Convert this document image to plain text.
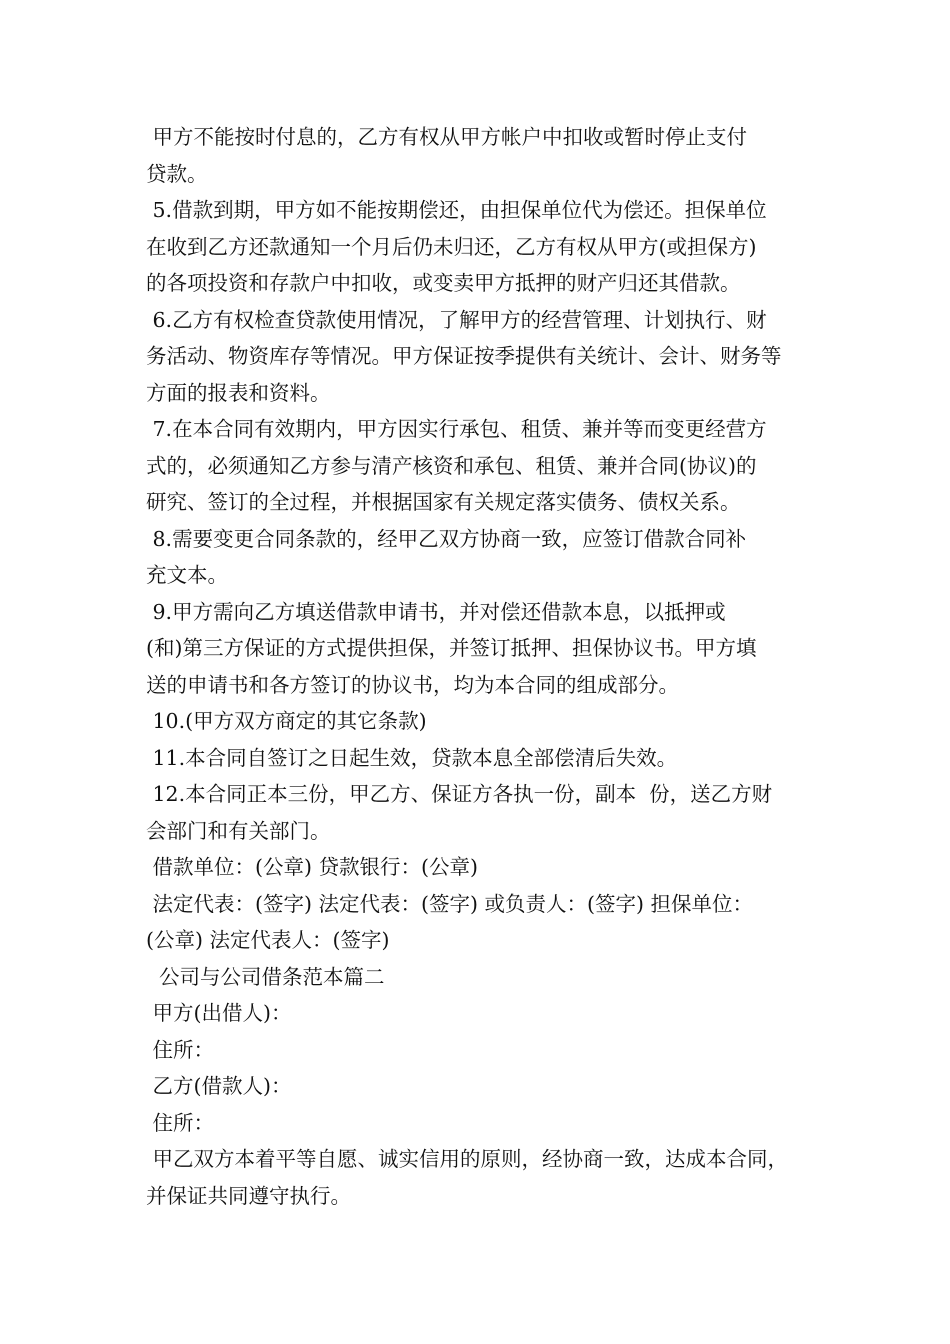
甲方不能按时付息的，乙方有权从甲方帐户中扣收或暂时停止支付
贷款。
5.借款到期，甲方如不能按期偿还，由担保单位代为偿还。担保单位
在收到乙方还款通知一个月后仍未归还，乙方有权从甲方(或担保方)
的各项投资和存款户中扣收，或变卖甲方抵押的财产归还其借款。
6.乙方有权检查贷款使用情况，了解甲方的经营管理、计划执行、财
务活动、物资库存等情况。甲方保证按季提供有关统计、会计、财务等
方面的报表和资料。
7.在本合同有效期内，甲方因实行承包、租赁、兼并等而变更经营方
式的，必须通知乙方参与清产核资和承包、租赁、兼并合同(协议)的
研究、签订的全过程，并根据国家有关规定落实债务、债权关系。
8.需要变更合同条款的，经甲乙双方协商一致，应签订借款合同补
充文本。
9.甲方需向乙方填送借款申请书，并对偿还借款本息，以抵押或
(和)第三方保证的方式提供担保，并签订抵押、担保协议书。甲方填
送的申请书和各方签订的协议书，均为本合同的组成部分。
10.(甲方双方商定的其它条款)
11.本合同自签订之日起生效，贷款本息全部偿清后失效。
12.本合同正本三份，甲乙方、保证方各执一份，副本  份，送乙方财
会部门和有关部门。
借款单位：(公章) 贷款银行：(公章)
法定代表：(签字) 法定代表：(签字) 或负责人：(签字) 担保单位：
(公章) 法定代表人：(签字)
公司与公司借条范本篇二
甲方(出借人)：
住所：
乙方(借款人)：
住所：
甲乙双方本着平等自愿、诚实信用的原则，经协商一致，达成本合同，
并保证共同遵守执行。
